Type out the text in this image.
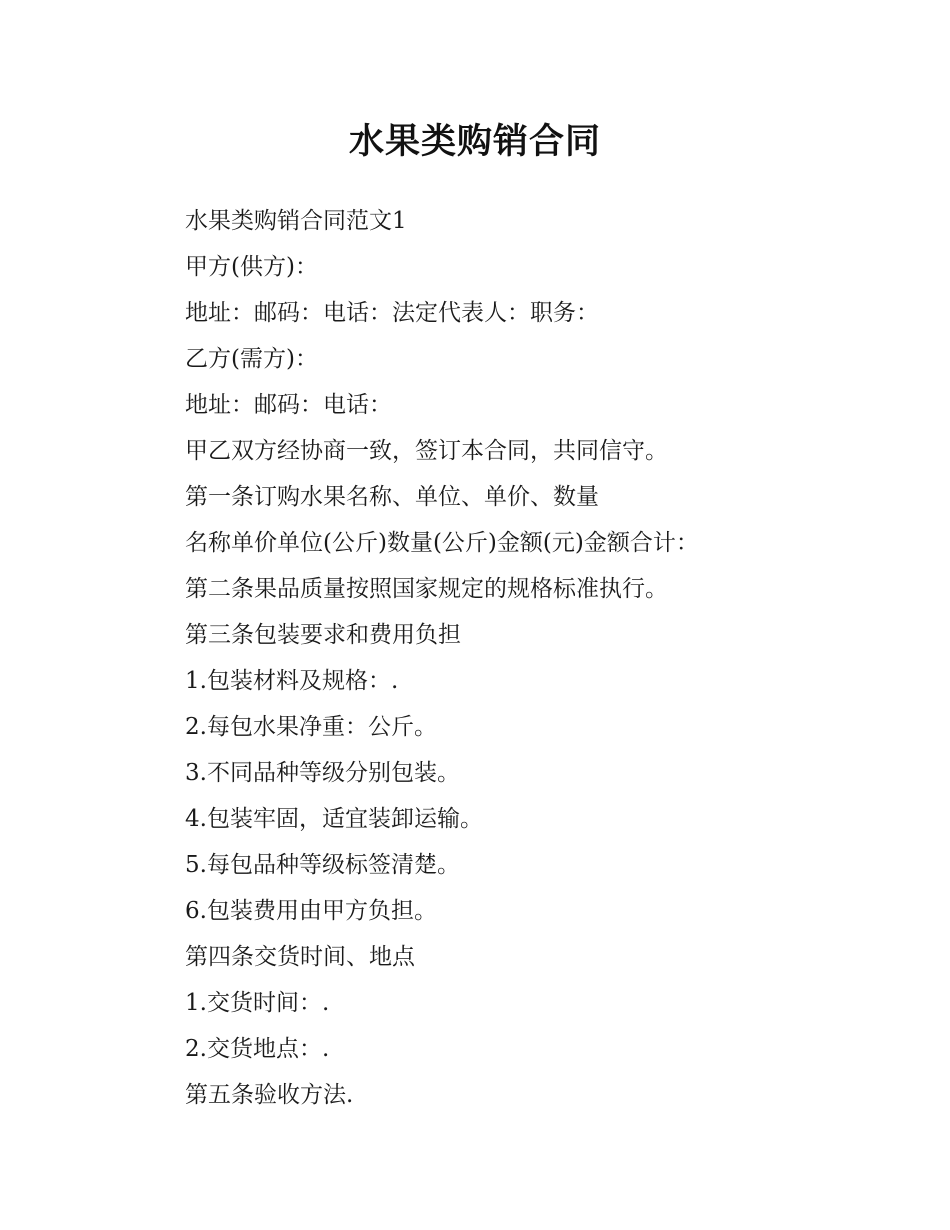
水果类购销合同
水果类购销合同范文1
甲方(供方)：
地址：邮码：电话：法定代表人：职务：
乙方(需方)：
地址：邮码：电话：
甲乙双方经协商一致，签订本合同，共同信守。
第一条订购水果名称、单位、单价、数量
名称单价单位(公斤)数量(公斤)金额(元)金额合计：
第二条果品质量按照国家规定的规格标准执行。
第三条包装要求和费用负担
1.包装材料及规格：.
2.每包水果净重：公斤。
3.不同品种等级分别包装。
4.包装牢固，适宜装卸运输。
5.每包品种等级标签清楚。
6.包装费用由甲方负担。
第四条交货时间、地点
1.交货时间：.
2.交货地点：.
第五条验收方法.
